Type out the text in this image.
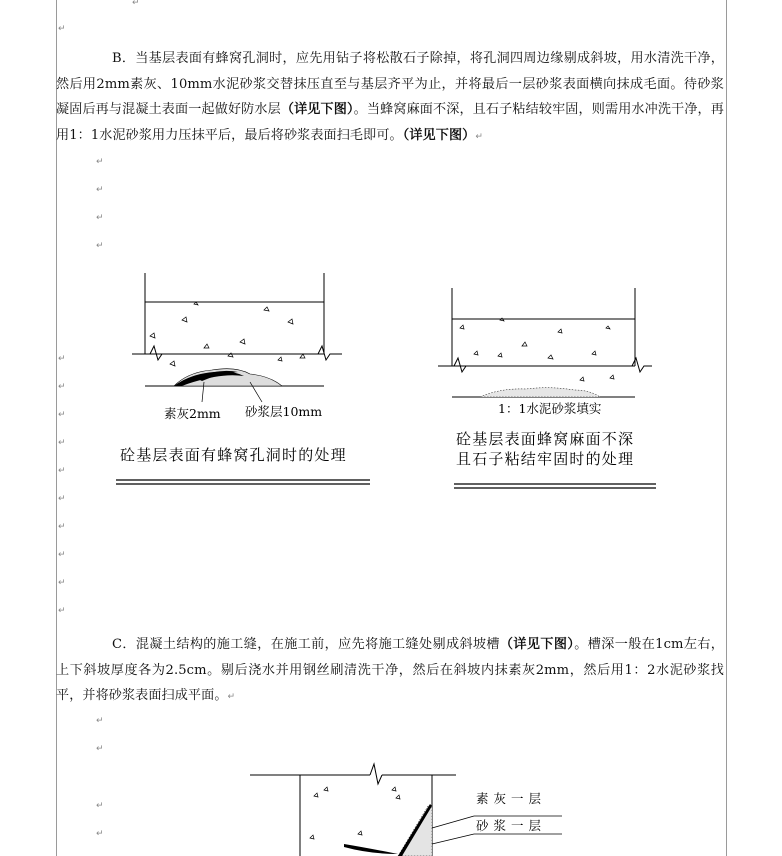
↵
↵
↵
↵
↵
↵
↵
↵
↵
↵
↵
↵
↵
↵
↵
↵
↵
↵
↵
↵
B．当基层表面有蜂窝孔洞时，应先用钻子将松散石子除掉，将孔洞四周边缘剔成斜坡，用水清洗干净，然后用2mm素灰、10mm水泥砂浆交替抹压直至与基层齐平为止，并将最后一层砂浆表面横向抹成毛面。待砂浆凝固后再与混凝土表面一起做好防水层（详见下图）。当蜂窝麻面不深，且石子粘结较牢固，则需用水冲洗干净，再用1：1水泥砂浆用力压抹平后，最后将砂浆表面扫毛即可。（详见下图）↵
素灰2mm 砂浆层10mm
砼基层表面有蜂窝孔洞时的处理
1：1水泥砂浆填实
砼基层表面蜂窝麻面不深
且石子粘结牢固时的处理
C．混凝土结构的施工缝，在施工前，应先将施工缝处剔成斜坡槽（详见下图）。槽深一般在1cm左右，上下斜坡厚度各为2.5cm。剔后浇水并用钢丝刷清洗干净，然后在斜坡内抹素灰2mm，然后用1：2水泥砂浆找平，并将砂浆表面扫成平面。↵
素灰一层
砂浆一层
